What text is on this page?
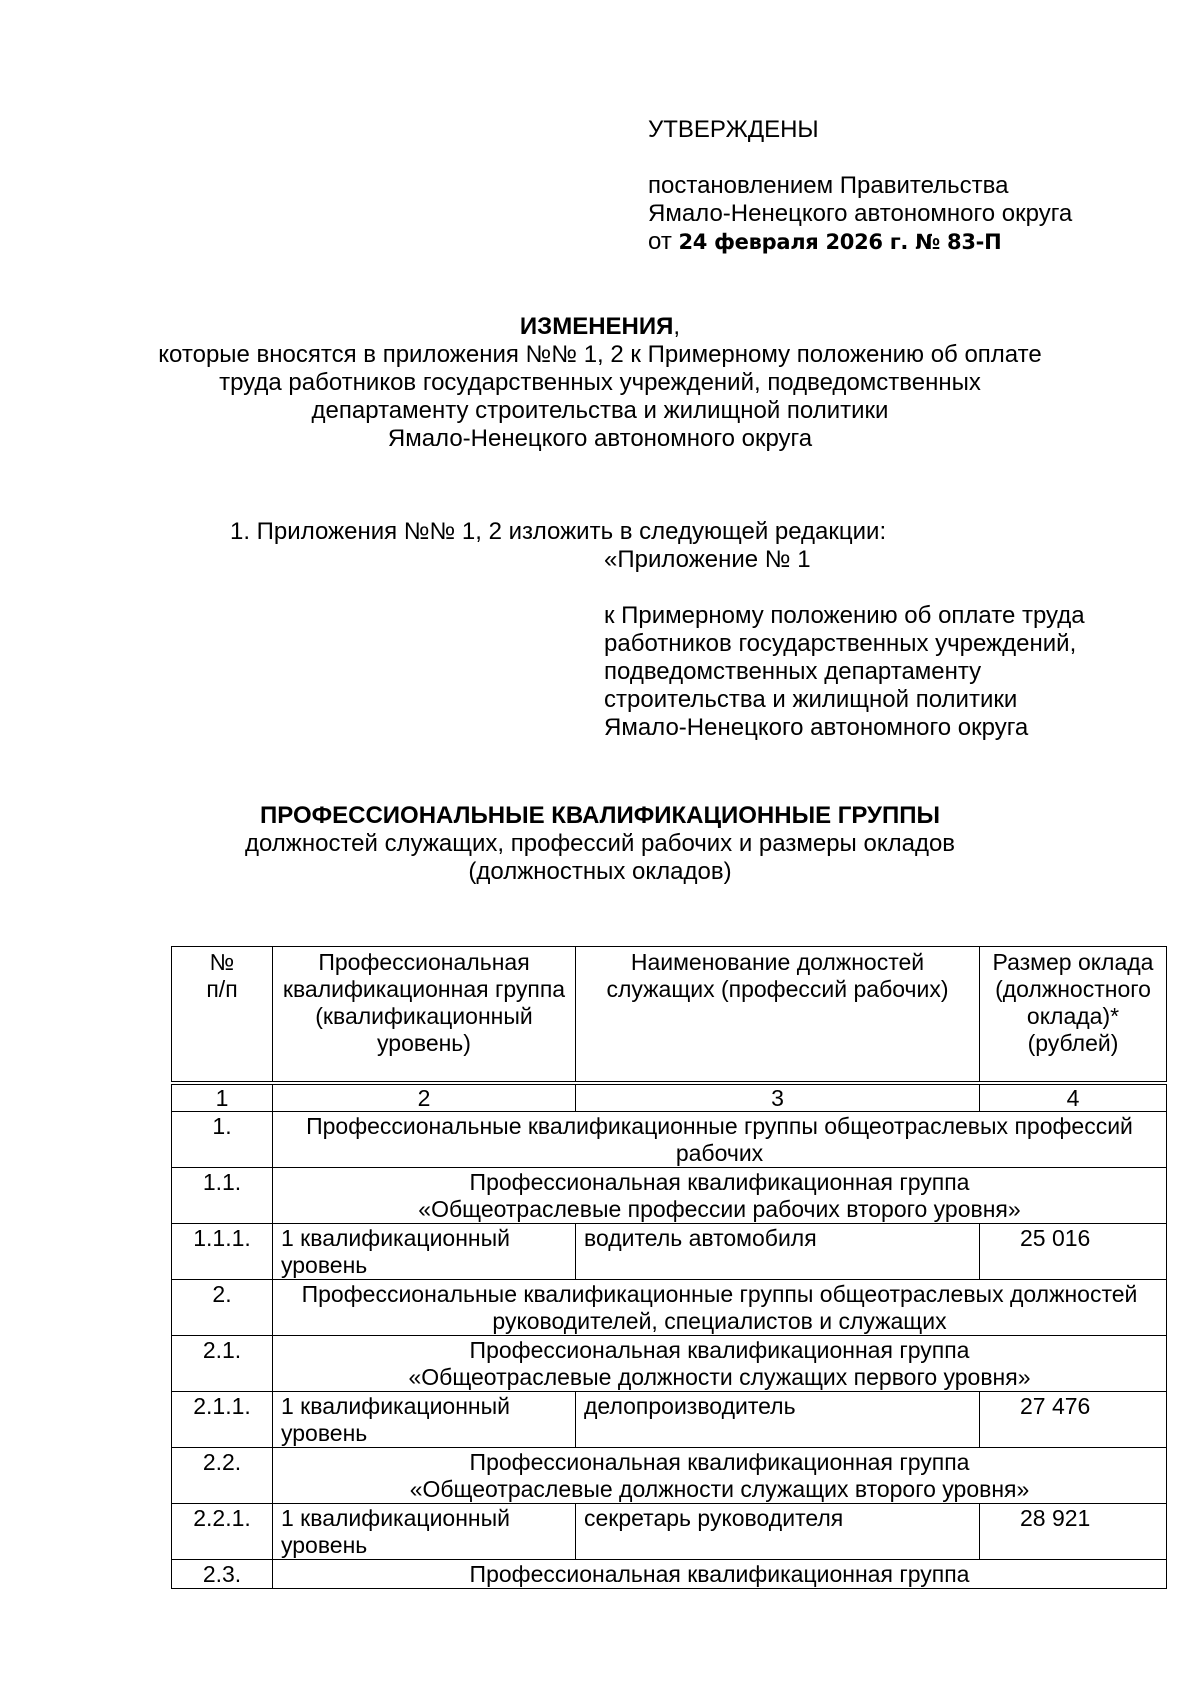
УТВЕРЖДЕНЫ
постановлением Правительства
Ямало-Ненецкого автономного округа
от 24 февраля 2026 г. № 83-П
ИЗМЕНЕНИЯ,
которые вносятся в приложения №№ 1, 2 к Примерному положению об оплате
труда работников государственных учреждений, подведомственных
департаменту строительства и жилищной политики
Ямало-Ненецкого автономного округа
1. Приложения №№ 1, 2 изложить в следующей редакции:
«Приложение № 1
к Примерному положению об оплате труда
работников государственных учреждений,
подведомственных департаменту
строительства и жилищной политики
Ямало-Ненецкого автономного округа
ПРОФЕССИОНАЛЬНЫЕ КВАЛИФИКАЦИОННЫЕ ГРУППЫ
должностей служащих, профессий рабочих и размеры окладов
(должностных окладов)
№
п/п	Профессиональная квалификационная группа (квалификационный уровень)	Наименование должностей служащих (профессий рабочих)	Размер оклада (должностного оклада)* (рублей)

1	2	3	4
1.	Профессиональные квалификационные группы общеотраслевых профессий рабочих		
1.1.	Профессиональная квалификационная группа
«Общеотраслевые профессии рабочих второго уровня»		
1.1.1.	1 квалификационный уровень	водитель автомобиля	25 016
2.	Профессиональные квалификационные группы общеотраслевых должностей руководителей, специалистов и служащих		
2.1.	Профессиональная квалификационная группа
«Общеотраслевые должности служащих первого уровня»		
2.1.1.	1 квалификационный уровень	делопроизводитель	27 476
2.2.	Профессиональная квалификационная группа
«Общеотраслевые должности служащих второго уровня»		
2.2.1.	1 квалификационный уровень	секретарь руководителя	28 921
2.3.	Профессиональная квалификационная группа		
